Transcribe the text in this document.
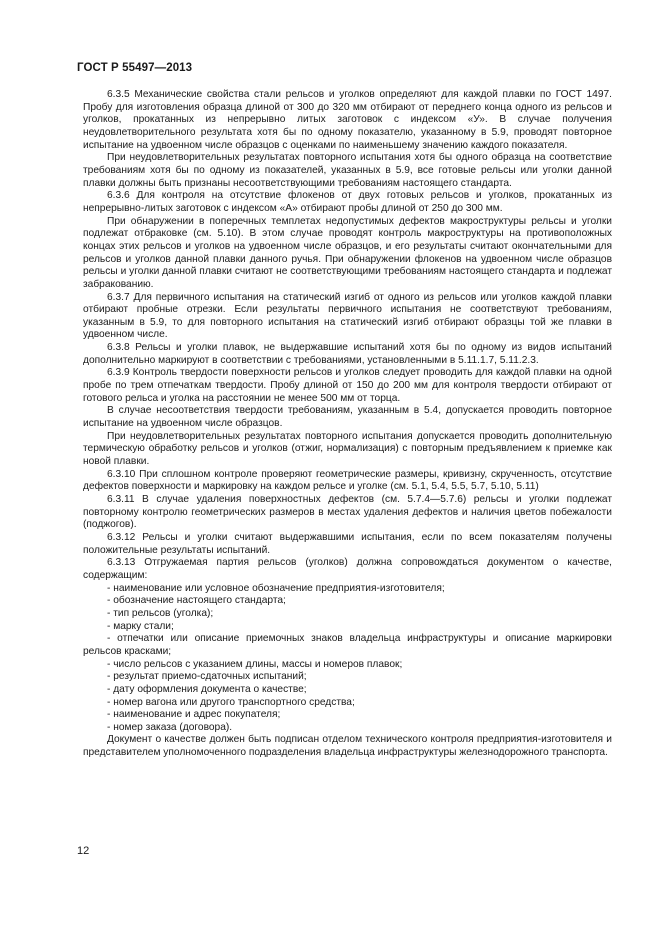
ГОСТ Р 55497—2013

6.3.5 Механические свойства стали рельсов и уголков определяют для каждой плавки по ГОСТ 1497. Пробу для изготовления образца длиной от 300 до 320 мм отбирают от переднего конца одного из рельсов и уголков, прокатанных из непрерывно литых заготовок с индексом «У». В случае получения неудовлетворительного результата хотя бы по одному показателю, указанному в 5.9, проводят повторное испытание на удвоенном числе образцов с оценками по наименьшему значению каждого показателя.

При неудовлетворительных результатах повторного испытания хотя бы одного образца на соответствие требованиям хотя бы по одному из показателей, указанных в 5.9, все готовые рельсы или уголки данной плавки должны быть признаны несоответствующими требованиям настоящего стандарта.

6.3.6 Для контроля на отсутствие флокенов от двух готовых рельсов и уголков, прокатанных из непрерывно-литых заготовок с индексом «А» отбирают пробы длиной от 250 до 300 мм.

При обнаружении в поперечных темплетах недопустимых дефектов макроструктуры рельсы и уголки подлежат отбраковке (см. 5.10). В этом случае проводят контроль макроструктуры на противоположных концах этих рельсов и уголков на удвоенном числе образцов, и его результаты считают окончательными для рельсов и уголков данной плавки данного ручья. При обнаружении флокенов на удвоенном числе образцов рельсы и уголки данной плавки считают не соответствующими требованиям настоящего стандарта и подлежат забракованию.

6.3.7 Для первичного испытания на статический изгиб от одного из рельсов или уголков каждой плавки отбирают пробные отрезки. Если результаты первичного испытания не соответствуют требованиям, указанным в 5.9, то для повторного испытания на статический изгиб отбирают образцы той же плавки в удвоенном числе.

6.3.8 Рельсы и уголки плавок, не выдержавшие испытаний хотя бы по одному из видов испытаний дополнительно маркируют в соответствии с требованиями, установленными в 5.11.1.7, 5.11.2.3.

6.3.9 Контроль твердости поверхности рельсов и уголков следует проводить для каждой плавки на одной пробе по трем отпечаткам твердости. Пробу длиной от 150 до 200 мм для контроля твердости отбирают от готового рельса и уголка на расстоянии не менее 500 мм от торца.

В случае несоответствия твердости требованиям, указанным в 5.4, допускается проводить повторное испытание на удвоенном числе образцов.

При неудовлетворительных результатах повторного испытания допускается проводить дополнительную термическую обработку рельсов и уголков (отжиг, нормализация) с повторным предъявлением к приемке как новой плавки.

6.3.10 При сплошном контроле проверяют геометрические размеры, кривизну, скрученность, отсутствие дефектов поверхности и маркировку на каждом рельсе и уголке (см. 5.1, 5.4, 5.5, 5.7, 5.10, 5.11)

6.3.11 В случае удаления поверхностных дефектов (см. 5.7.4—5.7.6) рельсы и уголки подлежат повторному контролю геометрических размеров в местах удаления дефектов и наличия цветов побежалости (поджогов).

6.3.12 Рельсы и уголки считают выдержавшими испытания, если по всем показателям получены положительные результаты испытаний.

6.3.13 Отгружаемая партия рельсов (уголков) должна сопровождаться документом о качестве, содержащим:

- наименование или условное обозначение предприятия-изготовителя;

- обозначение настоящего стандарта;

- тип рельсов (уголка);

- марку стали;

- отпечатки или описание приемочных знаков владельца инфраструктуры и описание маркировки рельсов красками;

- число рельсов с указанием длины, массы и номеров плавок;

- результат приемо-сдаточных испытаний;

- дату оформления документа о качестве;

- номер вагона или другого транспортного средства;

- наименование и адрес покупателя;

- номер заказа (договора).

Документ о качестве должен быть подписан отделом технического контроля предприятия-изготовителя и представителем уполномоченного подразделения владельца инфраструктуры железнодорожного транспорта.

12
